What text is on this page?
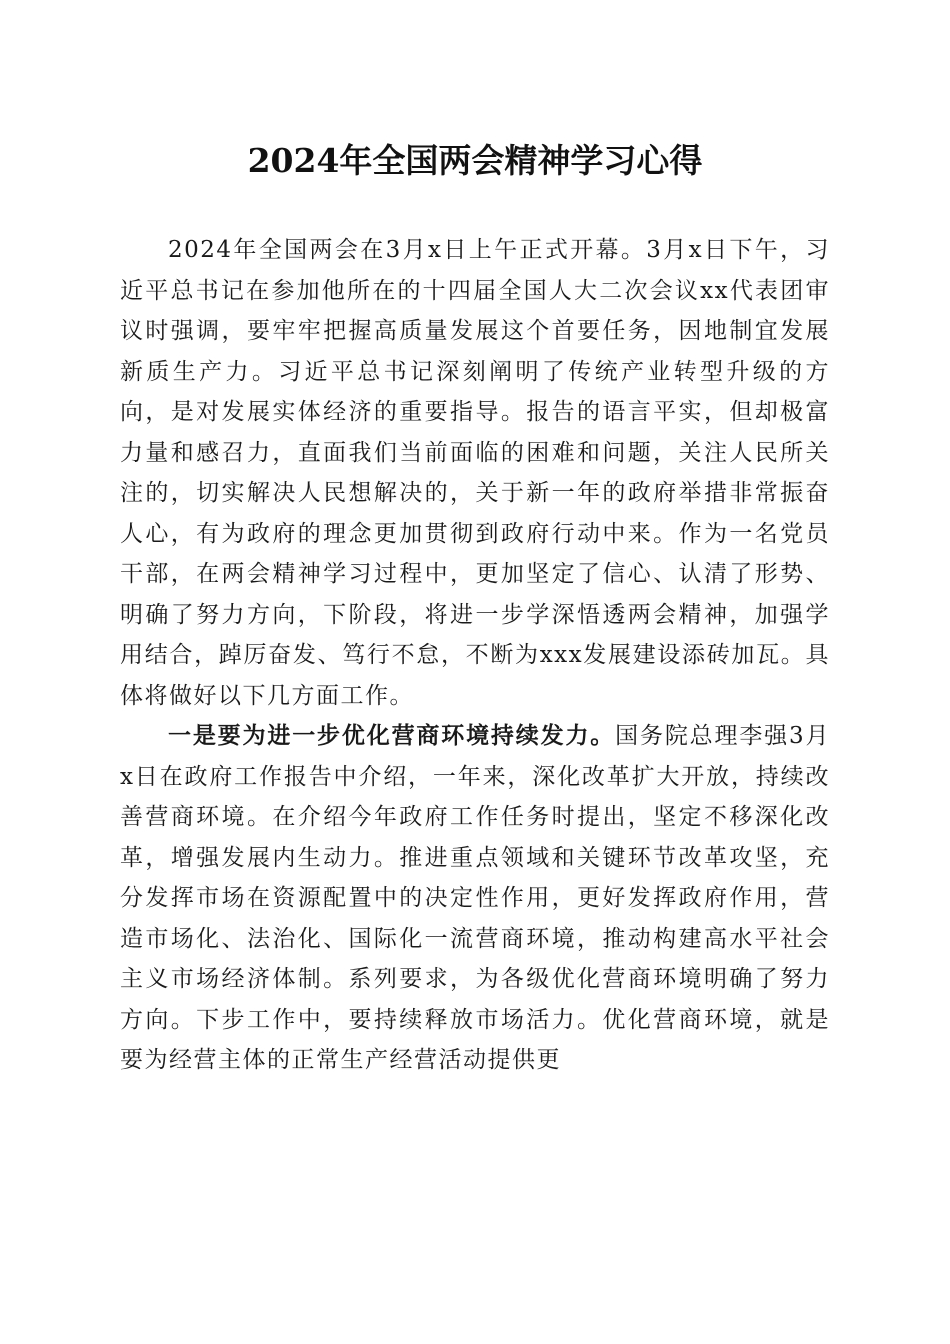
2024年全国两会精神学习心得

2024年全国两会在3月x日上午正式开幕。3月x日下午，习近平总书记在参加他所在的十四届全国人大二次会议xx代表团审议时强调，要牢牢把握高质量发展这个首要任务，因地制宜发展新质生产力。习近平总书记深刻阐明了传统产业转型升级的方向，是对发展实体经济的重要指导。报告的语言平实，但却极富力量和感召力，直面我们当前面临的困难和问题，关注人民所关注的，切实解决人民想解决的，关于新一年的政府举措非常振奋人心，有为政府的理念更加贯彻到政府行动中来。作为一名党员干部，在两会精神学习过程中，更加坚定了信心、认清了形势、明确了努力方向，下阶段，将进一步学深悟透两会精神，加强学用结合，踔厉奋发、笃行不怠，不断为xxx发展建设添砖加瓦。具体将做好以下几方面工作。

一是要为进一步优化营商环境持续发力。国务院总理李强3月x日在政府工作报告中介绍，一年来，深化改革扩大开放，持续改善营商环境。在介绍今年政府工作任务时提出，坚定不移深化改革，增强发展内生动力。推进重点领域和关键环节改革攻坚，充分发挥市场在资源配置中的决定性作用，更好发挥政府作用，营造市场化、法治化、国际化一流营商环境，推动构建高水平社会主义市场经济体制。系列要求，为各级优化营商环境明确了努力方向。下步工作中，要持续释放市场活力。优化营商环境，就是要为经营主体的正常生产经营活动提供更
